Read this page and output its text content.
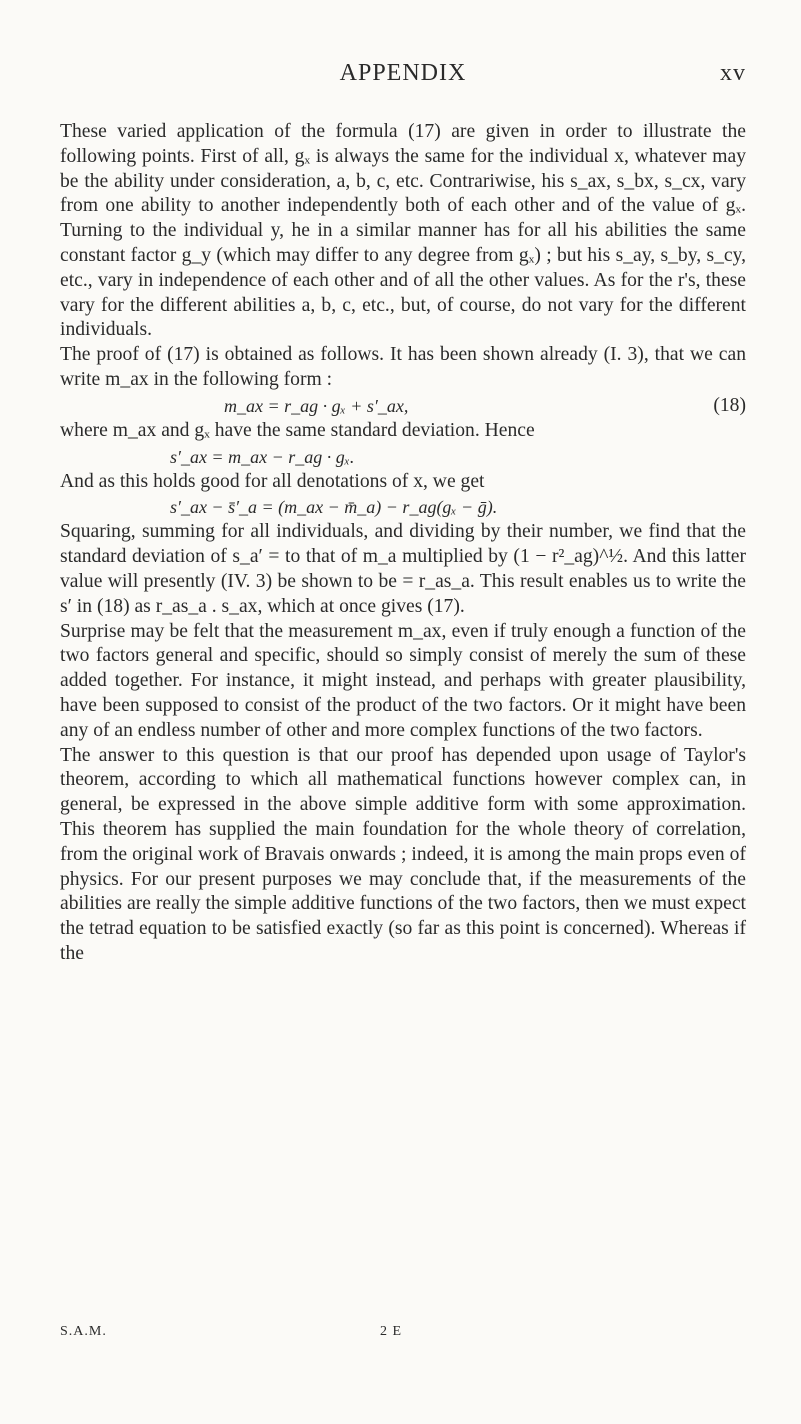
APPENDIX	xv

These varied application of the formula (17) are given in order to illustrate the following points. First of all, gₓ is always the same for the individual x, whatever may be the ability under consideration, a, b, c, etc. Contrariwise, his s_ax, s_bx, s_cx, vary from one ability to another independently both of each other and of the value of gₓ. Turning to the individual y, he in a similar manner has for all his abilities the same constant factor g_y (which may differ to any degree from gₓ) ; but his s_ay, s_by, s_cy, etc., vary in independence of each other and of all the other values. As for the r's, these vary for the different abilities a, b, c, etc., but, of course, do not vary for the different individuals.

The proof of (17) is obtained as follows. It has been shown already (I. 3), that we can write m_ax in the following form :

m_ax = r_ag · gₓ + s′_ax,	(18)

where m_ax and gₓ have the same standard deviation. Hence

s′_ax = m_ax − r_ag · gₓ.

And as this holds good for all denotations of x, we get

s′_ax − s̄′_a = (m_ax − m̄_a) − r_ag(gₓ − ḡ).

Squaring, summing for all individuals, and dividing by their number, we find that the standard deviation of s_a′ = to that of m_a multiplied by (1 − r²_ag)^½. And this latter value will presently (IV. 3) be shown to be = r_as_a. This result enables us to write the s′ in (18) as r_as_a . s_ax, which at once gives (17).

Surprise may be felt that the measurement m_ax, even if truly enough a function of the two factors general and specific, should so simply consist of merely the sum of these added together. For instance, it might instead, and perhaps with greater plausibility, have been supposed to consist of the product of the two factors. Or it might have been any of an endless number of other and more complex functions of the two factors.

The answer to this question is that our proof has depended upon usage of Taylor's theorem, according to which all mathematical functions however complex can, in general, be expressed in the above simple additive form with some approximation. This theorem has supplied the main foundation for the whole theory of correlation, from the original work of Bravais onwards ; indeed, it is among the main props even of physics. For our present purposes we may conclude that, if the measurements of the abilities are really the simple additive functions of the two factors, then we must expect the tetrad equation to be satisfied exactly (so far as this point is concerned). Whereas if the

S.A.M.	2 E
